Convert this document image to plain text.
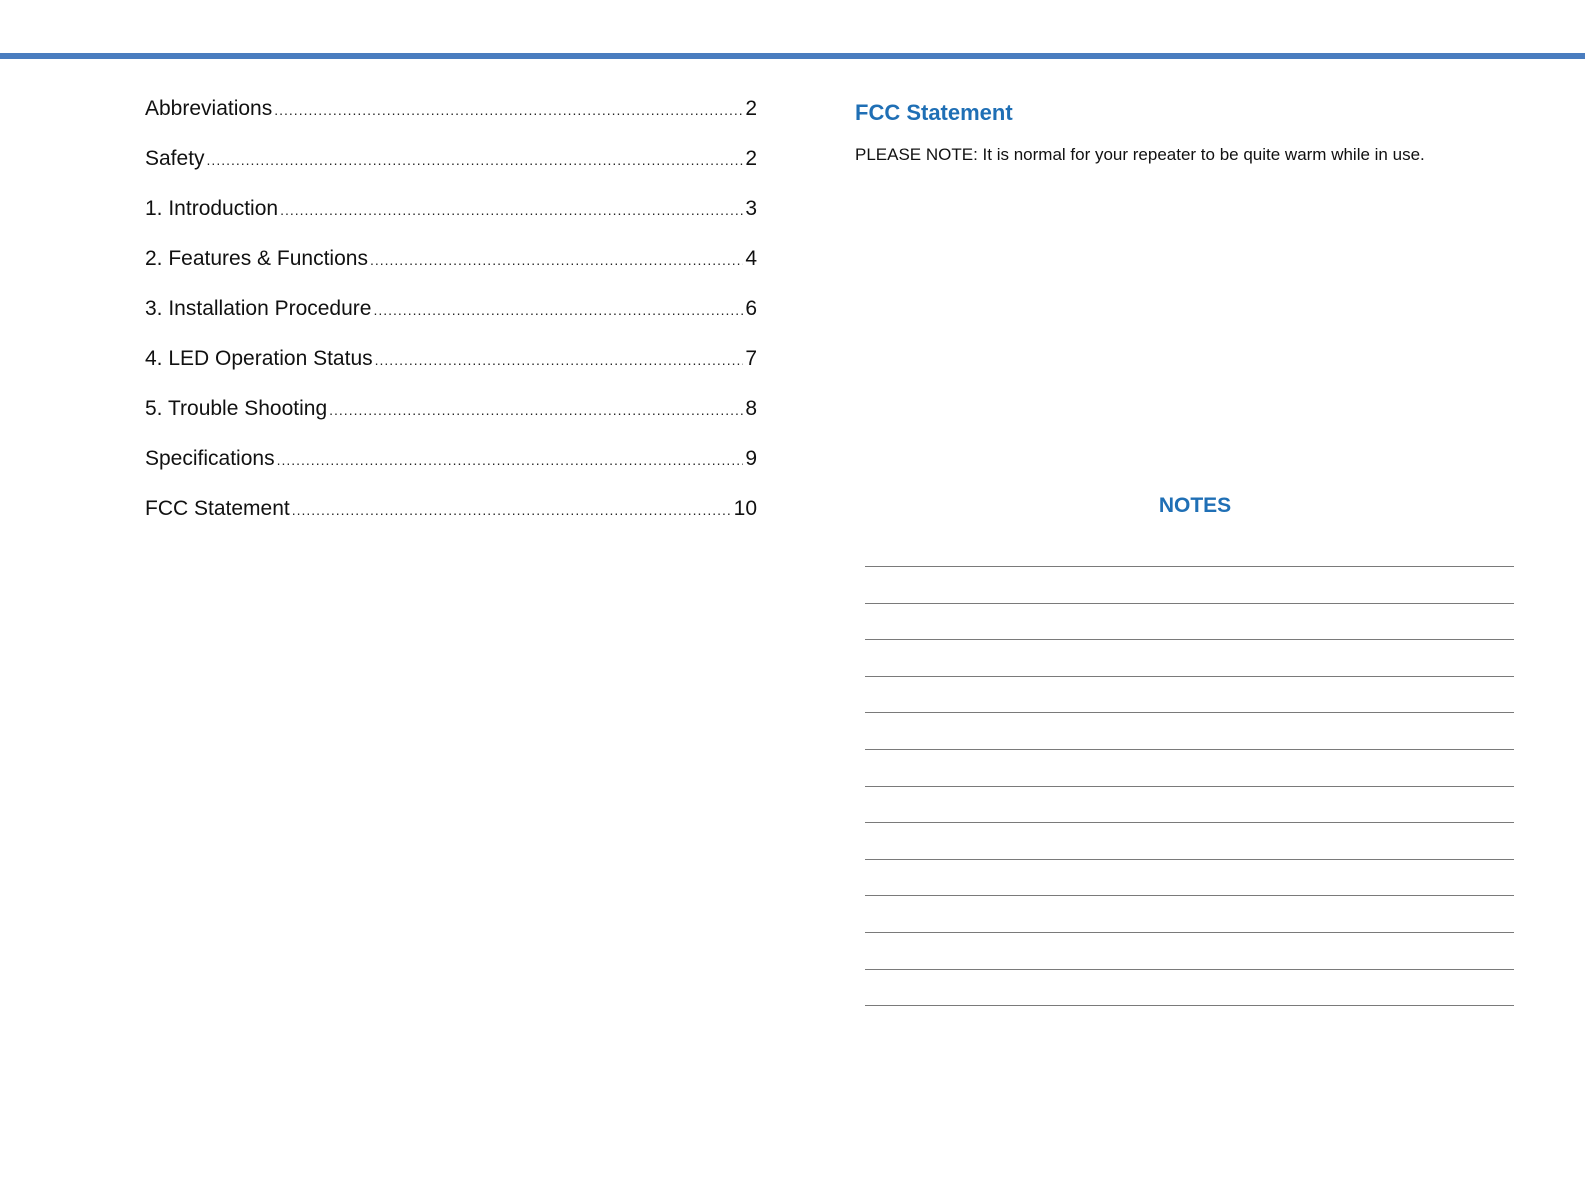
Abbreviations .....	2
Safety .....	2
1. Introduction .....	3
2. Features & Functions .....	4
3. Installation Procedure .....	6
4. LED Operation Status .....	7
5. Trouble Shooting .....	8
Specifications .....	9
FCC Statement .....	10
FCC Statement

PLEASE NOTE: It is normal for your repeater to be quite warm while in use.

NOTES
